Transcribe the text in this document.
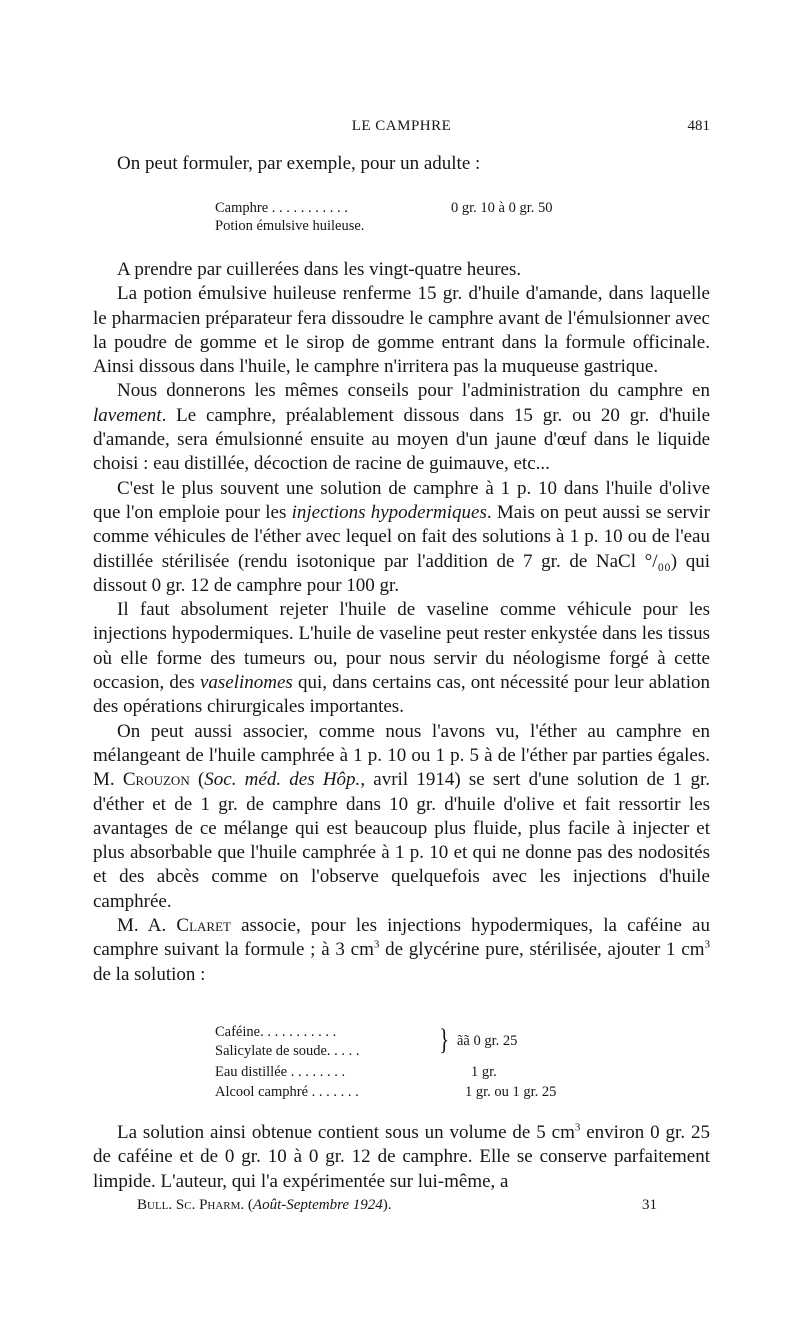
LE CAMPHRE	481

On peut formuler, par exemple, pour un adulte :

Camphre . . . . . . . . . . .	0 gr. 10 à 0 gr. 50
Potion émulsive huileuse.

A prendre par cuillerées dans les vingt-quatre heures.

La potion émulsive huileuse renferme 15 gr. d'huile d'amande, dans laquelle le pharmacien préparateur fera dissoudre le camphre avant de l'émulsionner avec la poudre de gomme et le sirop de gomme entrant dans la formule officinale. Ainsi dissous dans l'huile, le camphre n'irritera pas la muqueuse gastrique.

Nous donnerons les mêmes conseils pour l'administration du camphre en lavement. Le camphre, préalablement dissous dans 15 gr. ou 20 gr. d'huile d'amande, sera émulsionné ensuite au moyen d'un jaune d'œuf dans le liquide choisi : eau distillée, décoction de racine de guimauve, etc...

C'est le plus souvent une solution de camphre à 1 p. 10 dans l'huile d'olive que l'on emploie pour les injections hypodermiques. Mais on peut aussi se servir comme véhicules de l'éther avec lequel on fait des solutions à 1 p. 10 ou de l'eau distillée stérilisée (rendu isotonique par l'addition de 7 gr. de NaCl °/₀₀) qui dissout 0 gr. 12 de camphre pour 100 gr.

Il faut absolument rejeter l'huile de vaseline comme véhicule pour les injections hypodermiques. L'huile de vaseline peut rester enkystée dans les tissus où elle forme des tumeurs ou, pour nous servir du néologisme forgé à cette occasion, des vaselinomes qui, dans certains cas, ont nécessité pour leur ablation des opérations chirurgicales importantes.

On peut aussi associer, comme nous l'avons vu, l'éther au camphre en mélangeant de l'huile camphrée à 1 p. 10 ou 1 p. 5 à de l'éther par parties égales. M. Crouzon (Soc. méd. des Hôp., avril 1914) se sert d'une solution de 1 gr. d'éther et de 1 gr. de camphre dans 10 gr. d'huile d'olive et fait ressortir les avantages de ce mélange qui est beaucoup plus fluide, plus facile à injecter et plus absorbable que l'huile camphrée à 1 p. 10 et qui ne donne pas des nodosités et des abcès comme on l'observe quelquefois avec les injections d'huile camphrée.

M. A. Claret associe, pour les injections hypodermiques, la caféine au camphre suivant la formule ; à 3 $cm^3$ de glycérine pure, stérilisée, ajouter 1 $cm^3$ de la solution :

Caféine. . . . . . . . . . .
Salicylate de soude. . . . .	} ãã 0 gr. 25
Eau distillée . . . . . . . .	1 gr.
Alcool camphré . . . . . . .	1 gr. ou 1 gr. 25

La solution ainsi obtenue contient sous un volume de 5 $cm^3$ environ 0 gr. 25 de caféine et de 0 gr. 10 à 0 gr. 12 de camphre. Elle se conserve parfaitement limpide. L'auteur, qui l'a expérimentée sur lui-même, a

Bull. Sc. Pharm. (Août-Septembre 1924).	31
